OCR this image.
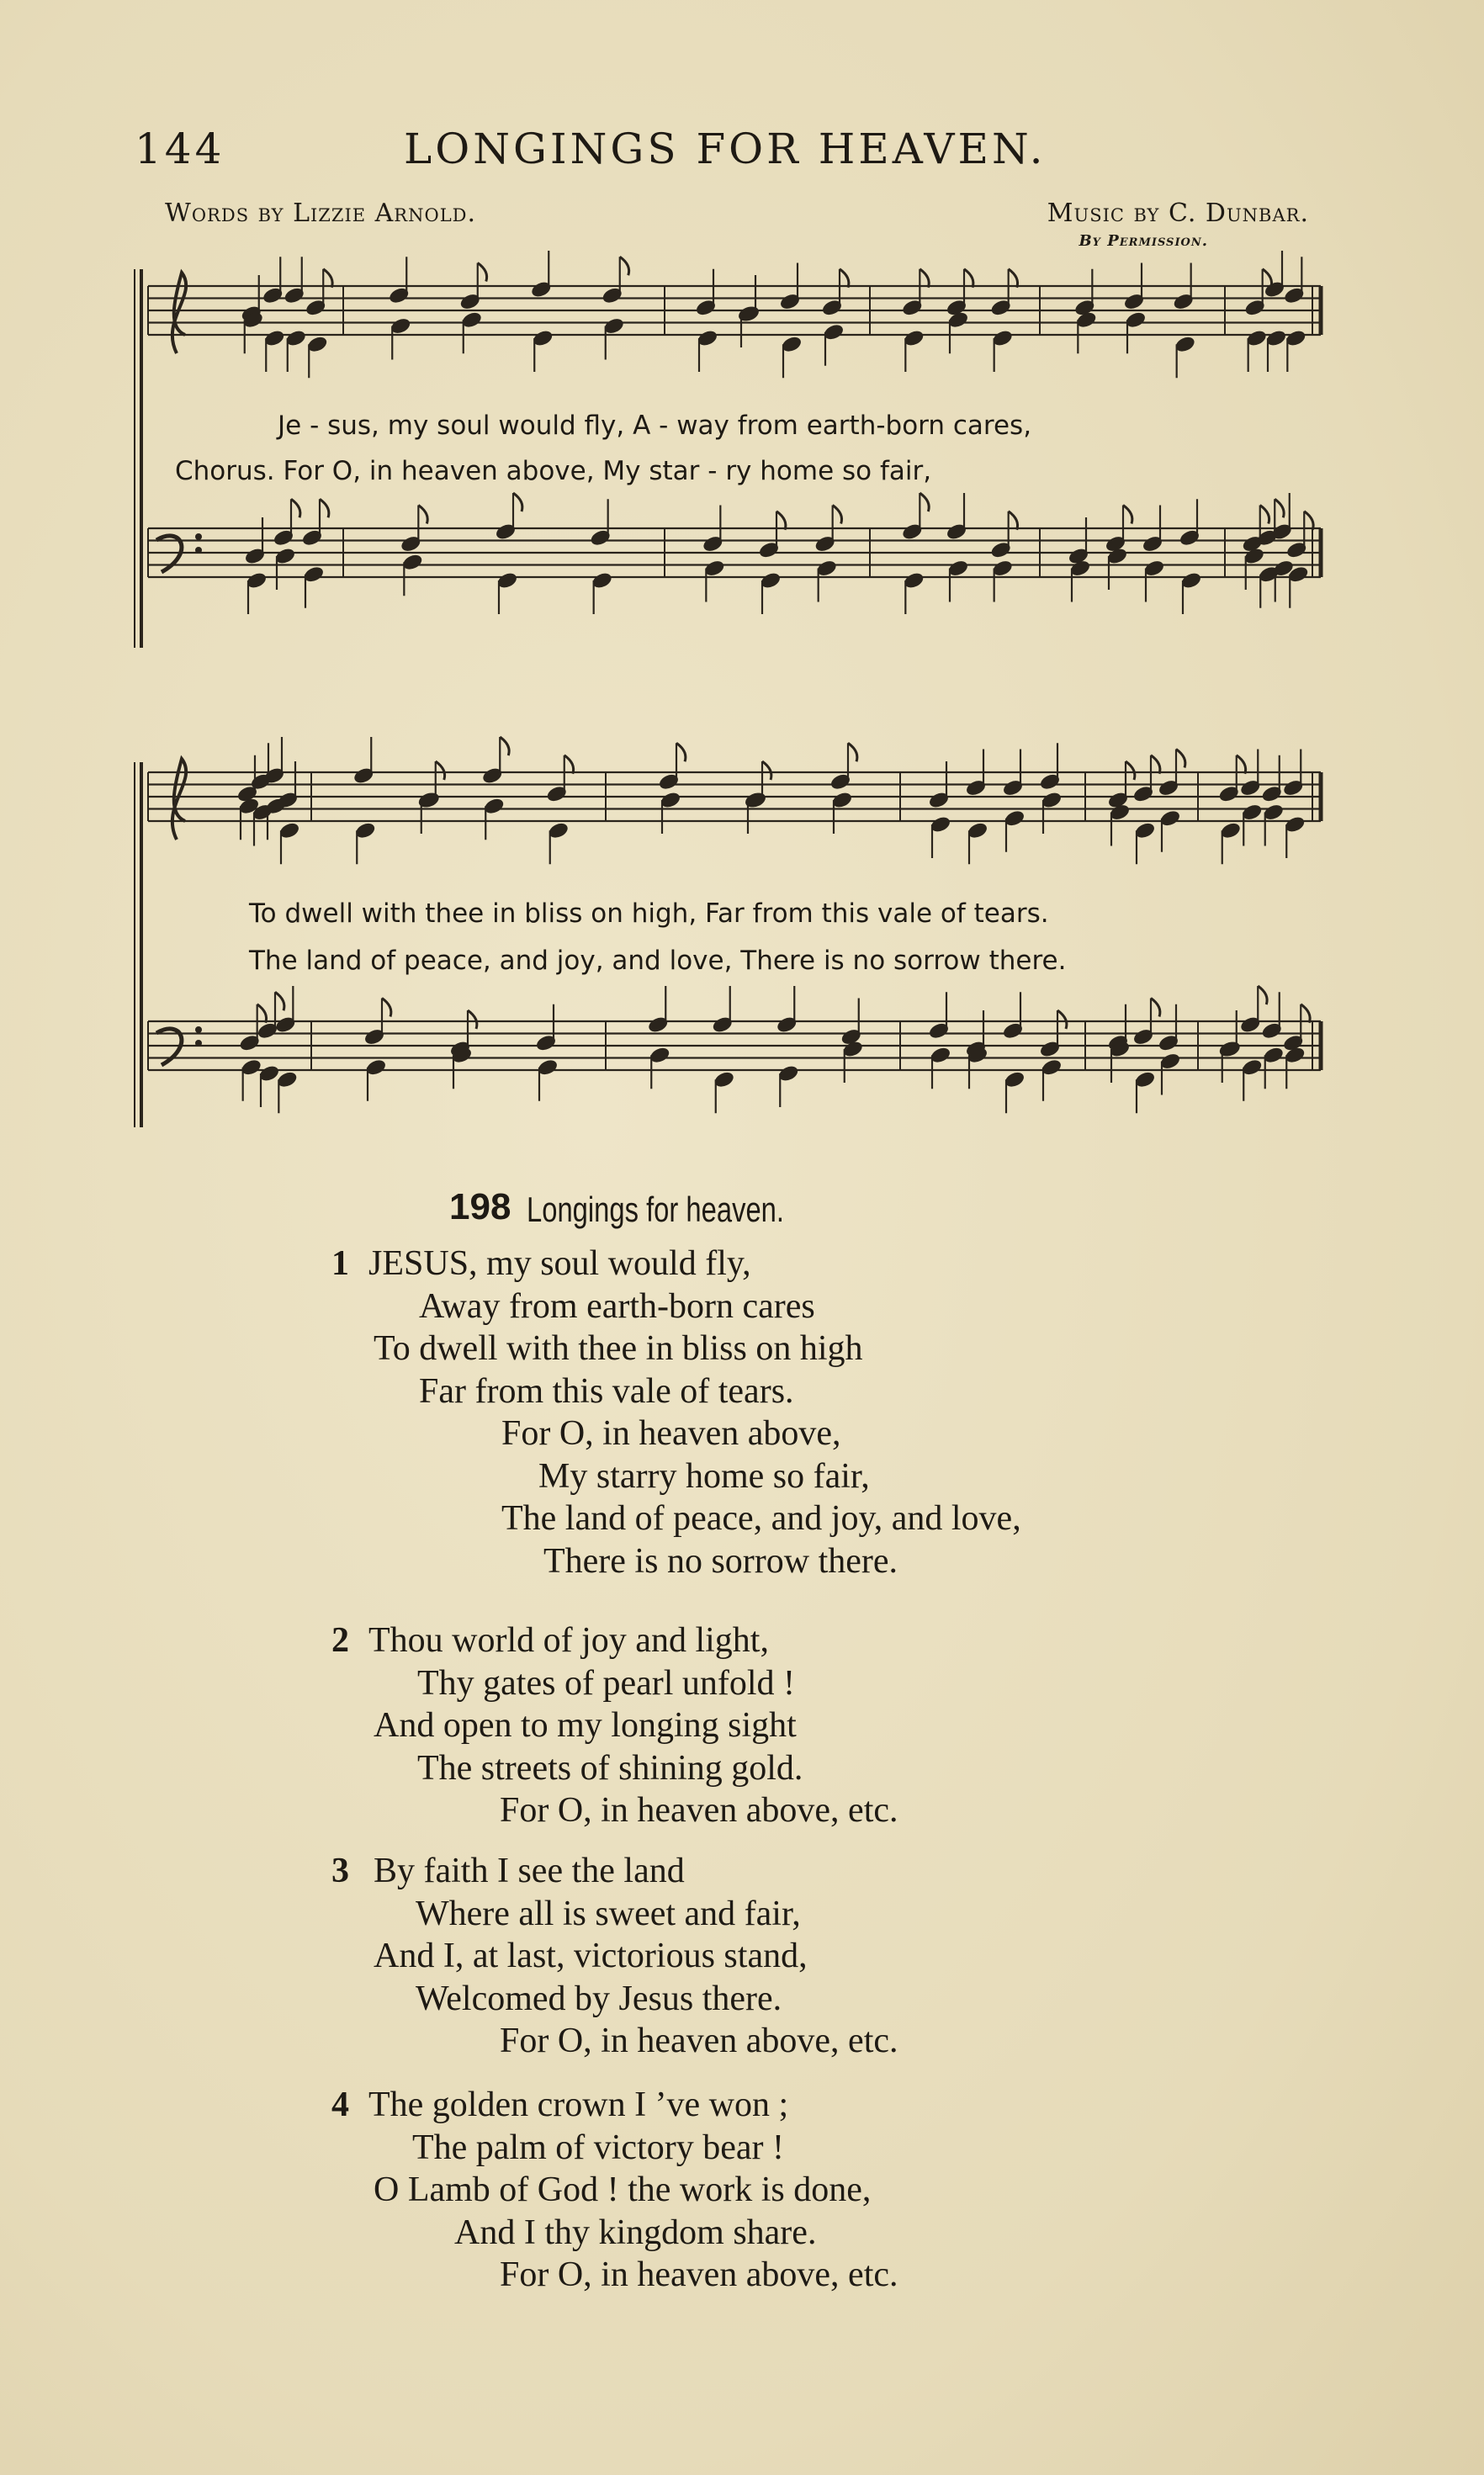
144	LONGINGS FOR HEAVEN.
Words by Lizzie Arnold.	Music by C. Dunbar.
By Permission.
Je - sus, my soul would fly, A - way from earth-born cares,
Chorus. For O, in heaven above, My star - ry home so fair,
To dwell with thee in bliss on high, Far from this vale of tears.
The land of peace, and joy, and love, There is no sorrow there.
198 Longings for heaven.
1 JESUS, my soul would fly,
Away from earth-born cares
To dwell with thee in bliss on high
Far from this vale of tears.
For O, in heaven above,
My starry home so fair,
The land of peace, and joy, and love,
There is no sorrow there.
2 Thou world of joy and light,
Thy gates of pearl unfold !
And open to my longing sight
The streets of shining gold.
For O, in heaven above, etc.
3 By faith I see the land
Where all is sweet and fair,
And I, at last, victorious stand,
Welcomed by Jesus there.
For O, in heaven above, etc.
4 The golden crown I ’ve won ;
The palm of victory bear !
O Lamb of God ! the work is done,
And I thy kingdom share.
For O, in heaven above, etc.
